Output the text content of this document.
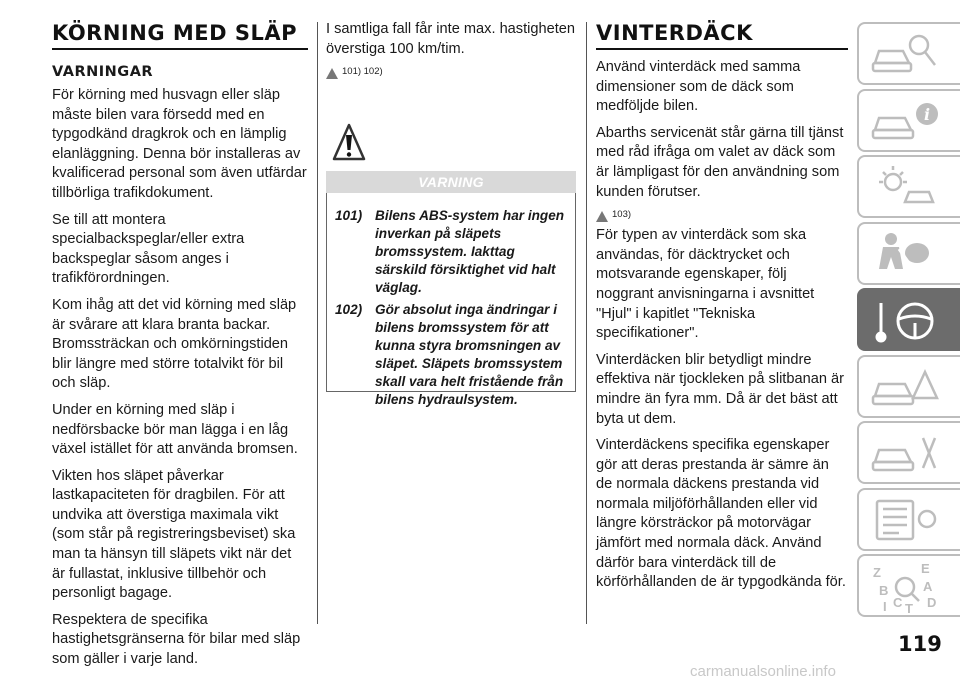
KÖRNING MED SLÄP
VARNINGAR

För körning med husvagn eller släp måste bilen vara försedd med en typgodkänd dragkrok och en lämplig elanläggning. Denna bör installeras av kvalificerad personal som även utfärdar tillbörliga trafikdokument.

Se till att montera specialbackspeglar/eller extra backspeglar såsom anges i trafikförordningen.

Kom ihåg att det vid körning med släp är svårare att klara branta backar. Bromssträckan och omkörningstiden blir längre med större totalvikt för bil och släp.

Under en körning med släp i nedförsbacke bör man lägga i en låg växel istället för att använda bromsen.

Vikten hos släpet påverkar lastkapaciteten för dragbilen. För att undvika att överstiga maximala vikt (som står på registreringsbeviset) ska man ta hänsyn till släpets vikt när det är fullastat, inklusive tillbehör och personligt bagage.

Respektera de specifika hastighetsgränserna för bilar med släp som gäller i varje land.

I samtliga fall får inte max. hastigheten överstiga 100 km/tim.

101) 102)
VARNING
101) Bilens ABS-system har ingen inverkan på släpets bromssystem. Iakttag särskild försiktighet vid halt väglag.
102) Gör absolut inga ändringar i bilens bromssystem för att kunna styra bromsningen av släpet. Släpets bromssystem skall vara helt fristående från bilens hydraulsystem.
VINTERDÄCK

Använd vinterdäck med samma dimensioner som de däck som medföljde bilen.

Abarths servicenät står gärna till tjänst med råd ifråga om valet av däck som är lämpligast för den användning som kunden förutser.

103)

För typen av vinterdäck som ska användas, för däcktrycket och motsvarande egenskaper, följ noggrant anvisningarna i avsnittet "Hjul" i kapitlet "Tekniska specifikationer".

Vinterdäcken blir betydligt mindre effektiva när tjockleken på slitbanan är mindre än fyra mm. Då är det bäst att byta ut dem.

Vinterdäckens specifika egenskaper gör att deras prestanda är sämre än de normala däckens prestanda vid normala miljöförhållanden eller vid längre körsträckor på motorvägar jämfört med normala däck. Använd därför bara vinterdäck till de körförhållanden de är typgodkända för.

i
Z	E
B	A
D
I C T
119
carmanualsonline.info
